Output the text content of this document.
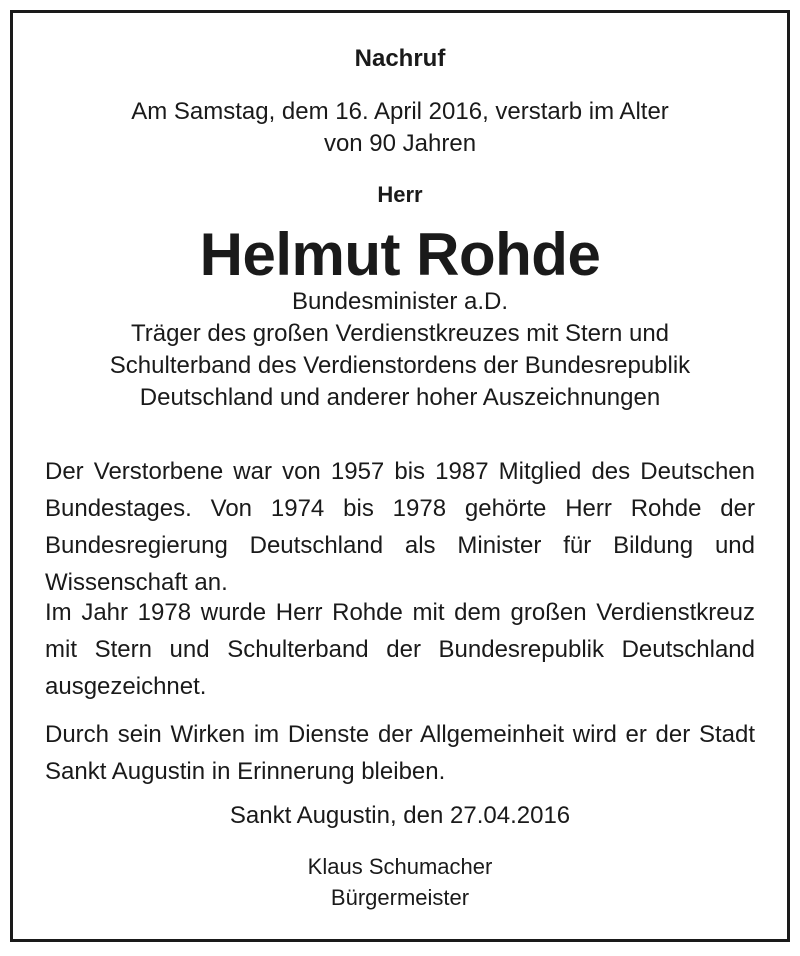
Nachruf
Am Samstag, dem 16. April 2016, verstarb im Alter
von 90 Jahren
Herr
Helmut Rohde
Bundesminister a.D.
Träger des großen Verdienstkreuzes mit Stern und
Schulterband des Verdienstordens der Bundesrepublik
Deutschland und anderer hoher Auszeichnungen

Der Verstorbene war von 1957 bis 1987 Mitglied des Deutschen Bundestages. Von 1974 bis 1978 gehörte Herr Rohde der Bundesregierung Deutschland als Minister für Bildung und Wissenschaft an.

Im Jahr 1978 wurde Herr Rohde mit dem großen Verdienstkreuz mit Stern und Schulterband der Bundesrepublik Deutschland ausgezeichnet.

Durch sein Wirken im Dienste der Allgemeinheit wird er der Stadt Sankt Augustin in Erinnerung bleiben.

Sankt Augustin, den 27.04.2016
Klaus Schumacher
Bürgermeister
